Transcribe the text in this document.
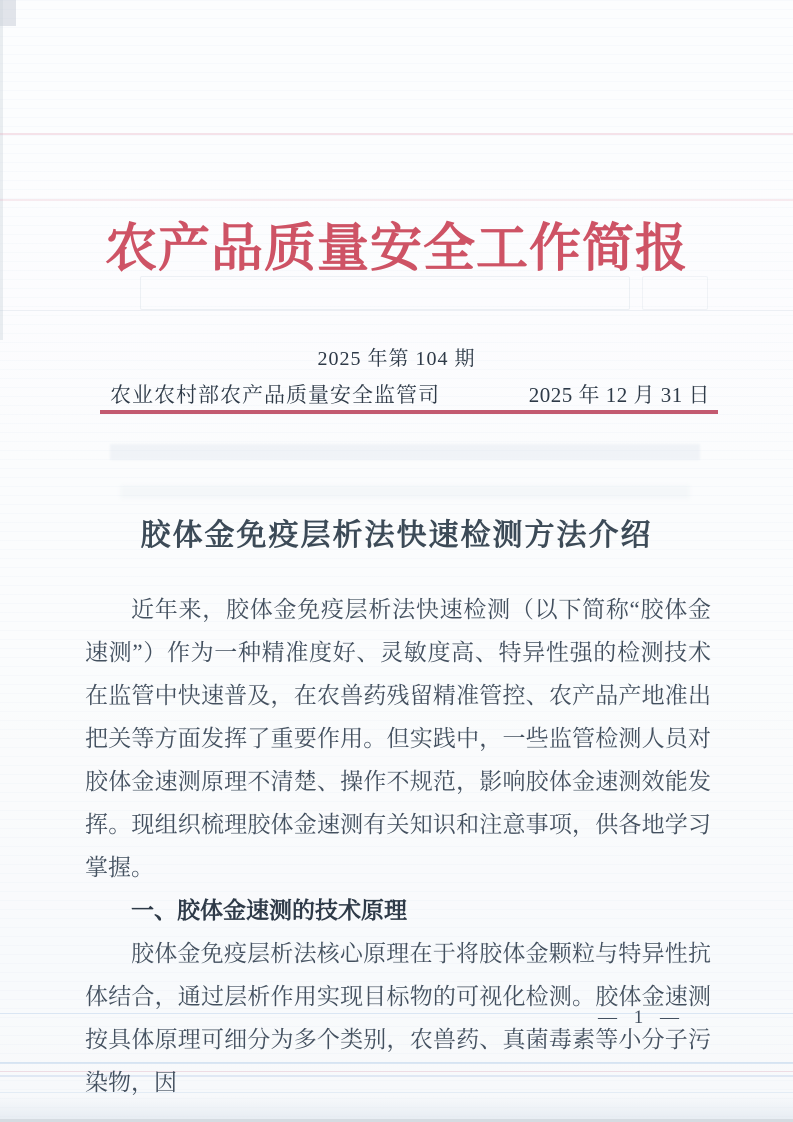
农产品质量安全工作简报
2025 年第 104 期
农业农村部农产品质量安全监管司	2025 年 12 月 31 日
胶体金免疫层析法快速检测方法介绍

近年来，胶体金免疫层析法快速检测（以下简称“胶体金速测”）作为一种精准度好、灵敏度高、特异性强的检测技术在监管中快速普及，在农兽药残留精准管控、农产品产地准出把关等方面发挥了重要作用。但实践中，一些监管检测人员对胶体金速测原理不清楚、操作不规范，影响胶体金速测效能发挥。现组织梳理胶体金速测有关知识和注意事项，供各地学习掌握。

一、胶体金速测的技术原理

胶体金免疫层析法核心原理在于将胶体金颗粒与特异性抗体结合，通过层析作用实现目标物的可视化检测。胶体金速测按具体原理可细分为多个类别，农兽药、真菌毒素等小分子污染物，因

— 1 —
